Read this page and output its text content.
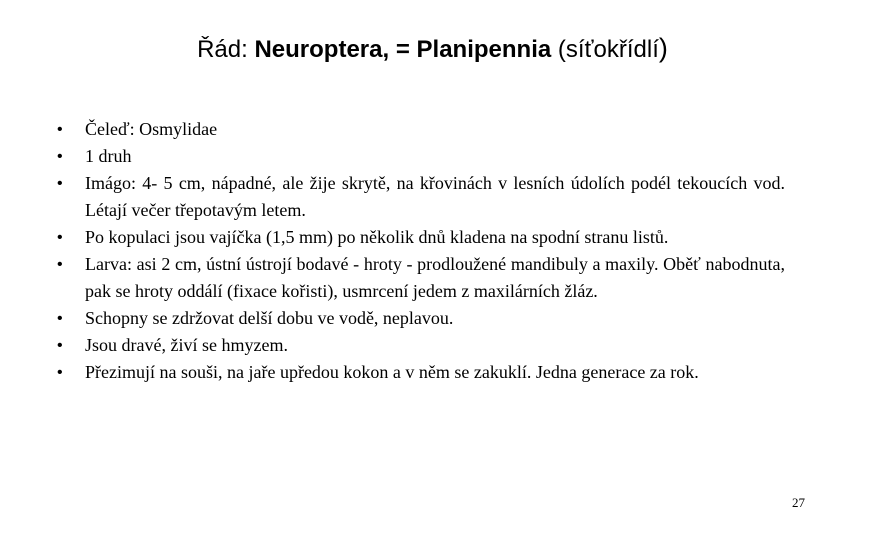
Řád: Neuroptera, = Planipennia (síťokřídlí)
• Čeleď: Osmylidae
• 1 druh
• Imágo: 4- 5 cm, nápadné, ale žije skrytě, na křovinách v lesních údolích podél tekoucích vod. Létají večer třepotavým letem.
• Po kopulaci jsou vajíčka (1,5 mm) po několik dnů kladena na spodní stranu listů.
• Larva: asi 2 cm, ústní ústrojí bodavé - hroty - prodloužené mandibuly a maxily. Oběť nabodnuta, pak se hroty oddálí (fixace kořisti), usmrcení jedem z maxilárních žláz.
• Schopny se zdržovat delší dobu ve vodě, neplavou.
• Jsou dravé, živí se hmyzem.
• Přezimují na souši, na jaře upředou kokon a v něm se zakuklí. Jedna generace za rok.
27
